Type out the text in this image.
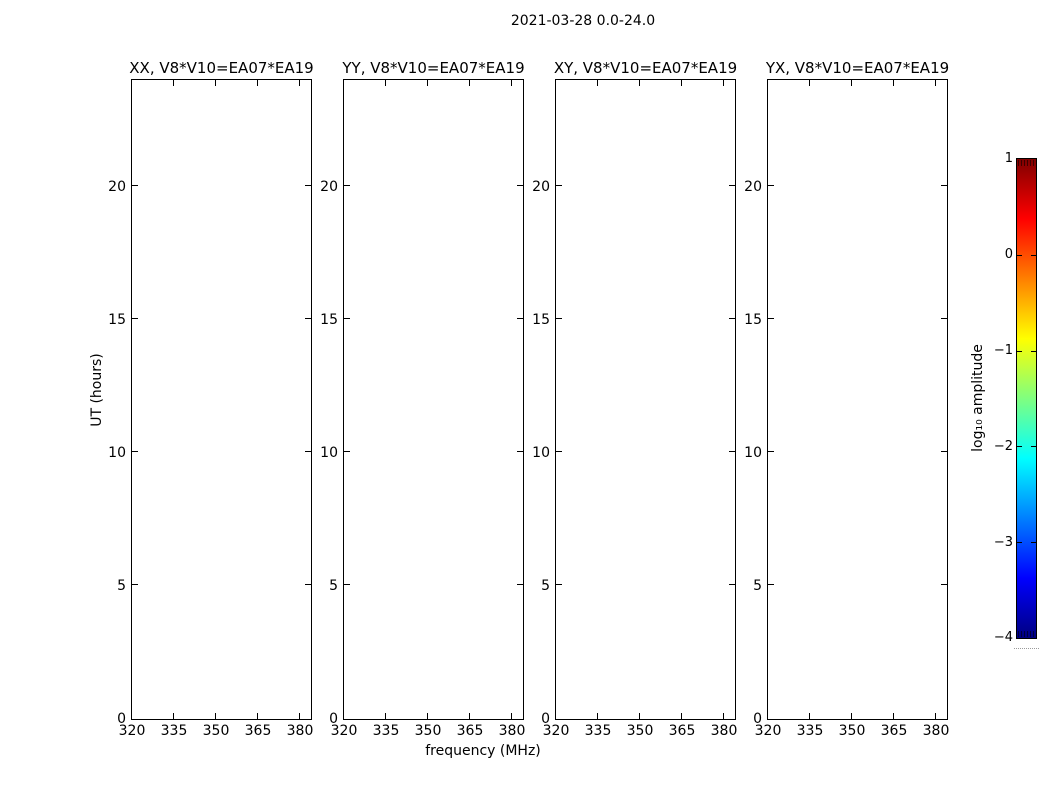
2021-03-28 0.0-24.0
XX, V8*V10=EA07*EA19
20
15
10
5
0
320 335 350 365 380
YY, V8*V10=EA07*EA19
20
15
10
5
0
320 335 350 365 380
XY, V8*V10=EA07*EA19
20
15
10
5
0
320 335 350 365 380
YX, V8*V10=EA07*EA19
20
15
10
5
0
320 335 350 365 380
UT (hours)
frequency (MHz)
1
0
−1
−2
−3
−4
log₁₀ amplitude
